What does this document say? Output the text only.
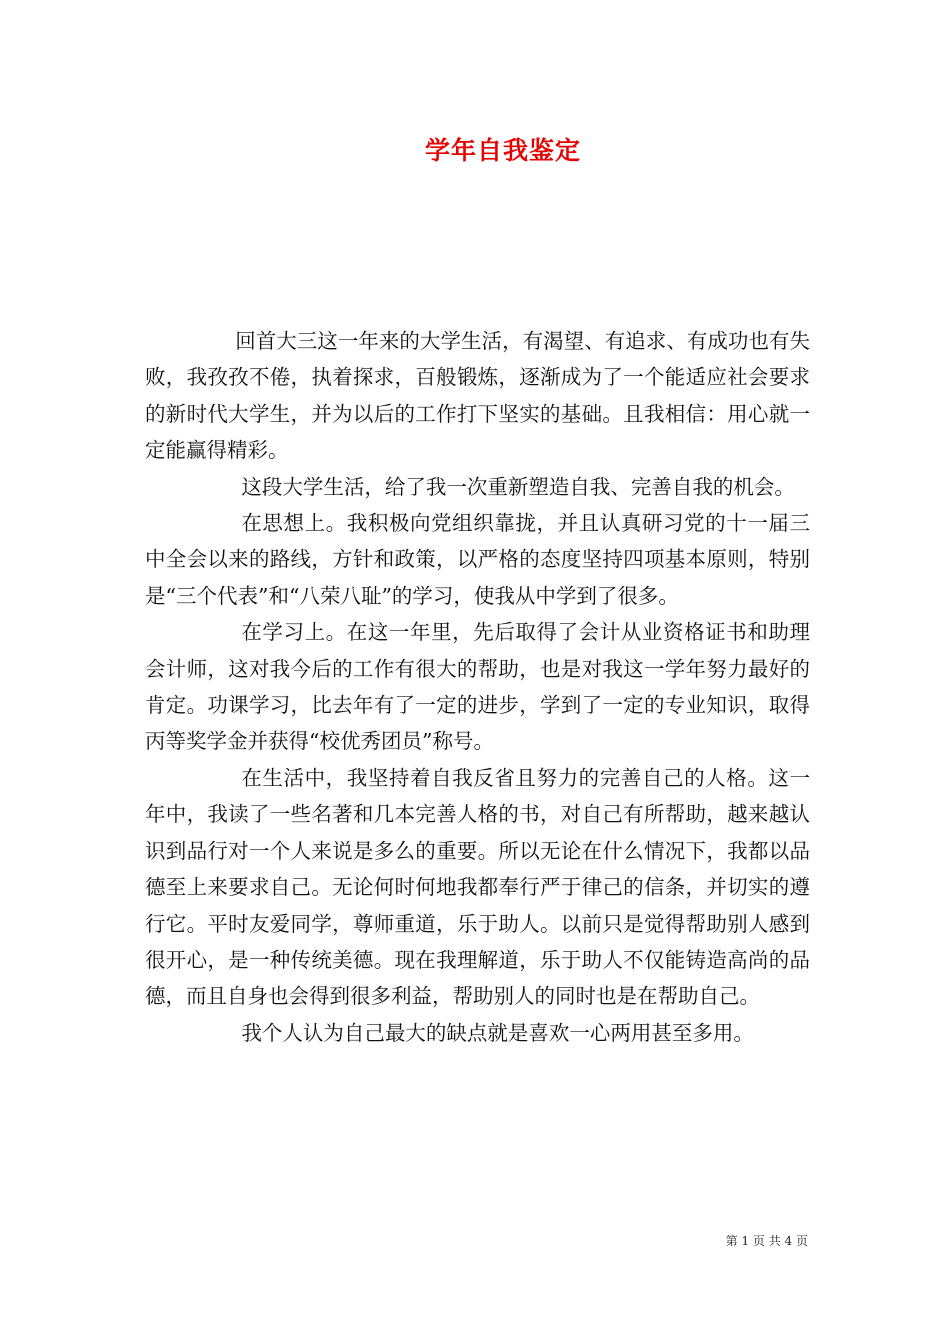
学年自我鉴定

回首大三这一年来的大学生活，有渴望、有追求、有成功也有失败，我孜孜不倦，执着探求，百般锻炼，逐渐成为了一个能适应社会要求的新时代大学生，并为以后的工作打下坚实的基础。且我相信：用心就一定能赢得精彩。

这段大学生活，给了我一次重新塑造自我、完善自我的机会。

在思想上。我积极向党组织靠拢，并且认真研习党的十一届三中全会以来的路线，方针和政策，以严格的态度坚持四项基本原则，特别是“三个代表”和“八荣八耻”的学习，使我从中学到了很多。

在学习上。在这一年里，先后取得了会计从业资格证书和助理会计师，这对我今后的工作有很大的帮助，也是对我这一学年努力最好的肯定。功课学习，比去年有了一定的进步，学到了一定的专业知识，取得丙等奖学金并获得“校优秀团员”称号。

在生活中，我坚持着自我反省且努力的完善自己的人格。这一年中，我读了一些名著和几本完善人格的书，对自己有所帮助，越来越认识到品行对一个人来说是多么的重要。所以无论在什么情况下，我都以品德至上来要求自己。无论何时何地我都奉行严于律己的信条，并切实的遵行它。平时友爱同学，尊师重道，乐于助人。以前只是觉得帮助别人感到很开心，是一种传统美德。现在我理解道，乐于助人不仅能铸造高尚的品德，而且自身也会得到很多利益，帮助别人的同时也是在帮助自己。

我个人认为自己最大的缺点就是喜欢一心两用甚至多用。

第 1 页 共 4 页
